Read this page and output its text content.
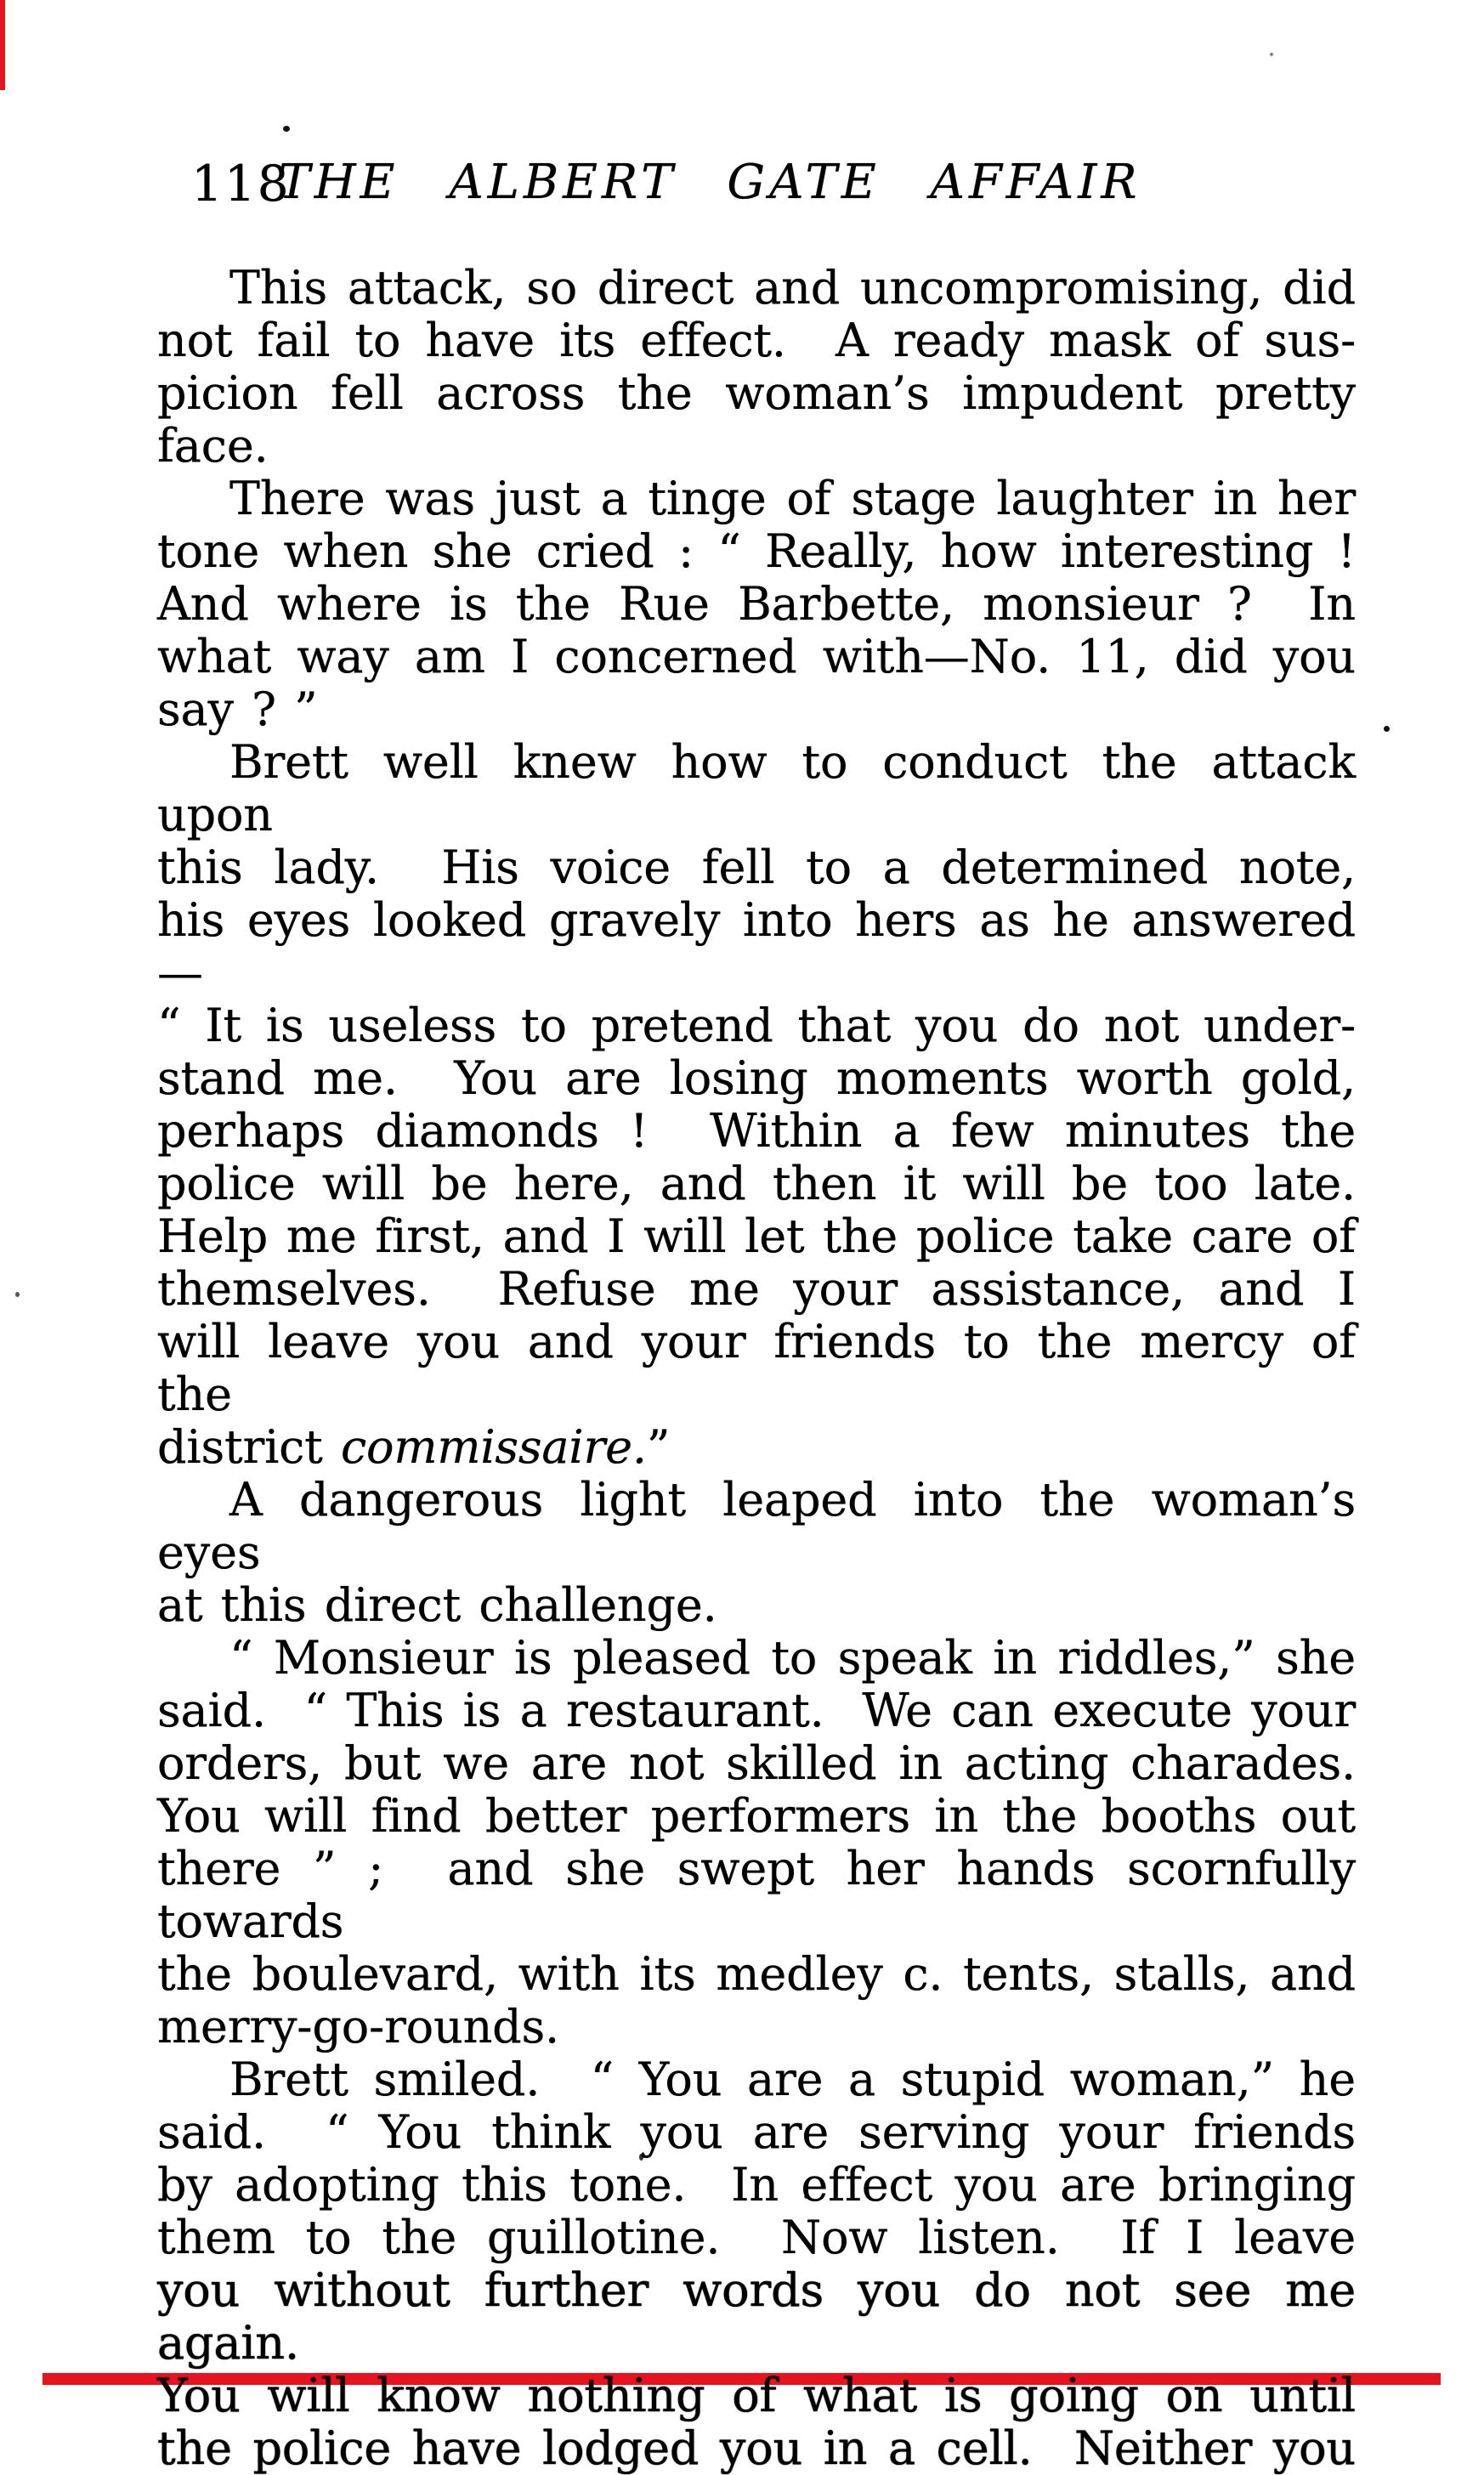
118
THE ALBERT GATE AFFAIR
This attack, so direct and uncompromising, did
not fail to have its effect.  A ready mask of sus-
picion fell across the woman’s impudent pretty
face.
There was just a tinge of stage laughter in her
tone when she cried : “ Really, how interesting !
And where is the Rue Barbette, monsieur ?  In
what way am I concerned with—No. 11, did you
say ? ”
Brett well knew how to conduct the attack upon
this lady.  His voice fell to a determined note,
his eyes looked gravely into hers as he answered—
“ It is useless to pretend that you do not under-
stand me.  You are losing moments worth gold,
perhaps diamonds !  Within a few minutes the
police will be here, and then it will be too late.
Help me first, and I will let the police take care of
themselves.  Refuse me your assistance, and I
will leave you and your friends to the mercy of the
district commissaire.”
A dangerous light leaped into the woman’s eyes
at this direct challenge.
“ Monsieur is pleased to speak in riddles,” she
said.  “ This is a restaurant.  We can execute your
orders, but we are not skilled in acting charades.
You will find better performers in the booths out
there ” ;  and she swept her hands scornfully towards
the boulevard, with its medley c. tents, stalls, and
merry-go-rounds.
Brett smiled.  “ You are a stupid woman,” he
said.  “ You think you are serving your friends
by adopting this tone.  In effect you are bringing
them to the guillotine.  Now listen.  If I leave
you without further words you do not see me again.
You will know nothing of what is going on until
the police have lodged you in a cell.  Neither you
